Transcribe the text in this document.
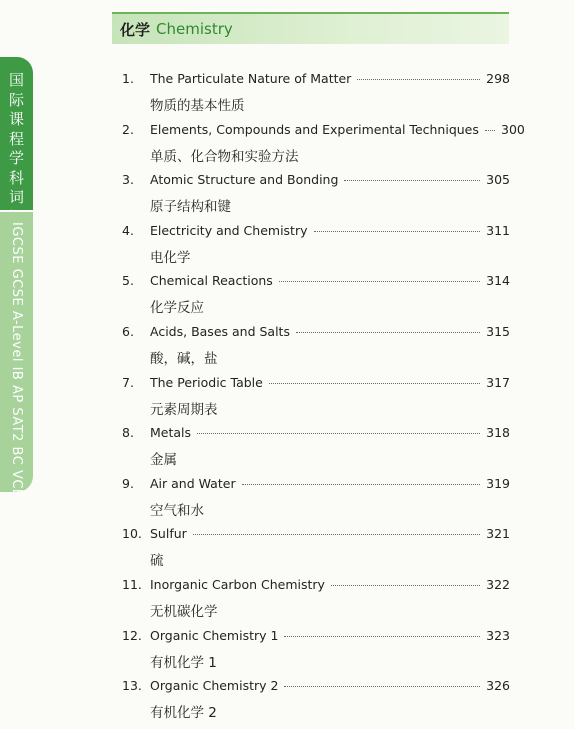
国
际
课
程
学
科
词
IGCSE GCSE A-Level IB AP SAT2 BC VCE
化学 Chemistry
1.	The Particulate Nature of Matter	298
物质的基本性质
2.	Elements, Compounds and Experimental Techniques 300
单质、化合物和实验方法
3.	Atomic Structure and Bonding	305
原子结构和键
4.	Electricity and Chemistry	311
电化学
5.	Chemical Reactions	314
化学反应
6.	Acids, Bases and Salts	315
酸，碱，盐
7.	The Periodic Table	317
元素周期表
8.	Metals	318
金属
9.	Air and Water	319
空气和水
10. Sulfur	321
硫
11. Inorganic Carbon Chemistry	322
无机碳化学
12. Organic Chemistry 1	323
有机化学 1
13. Organic Chemistry 2	326
有机化学 2
